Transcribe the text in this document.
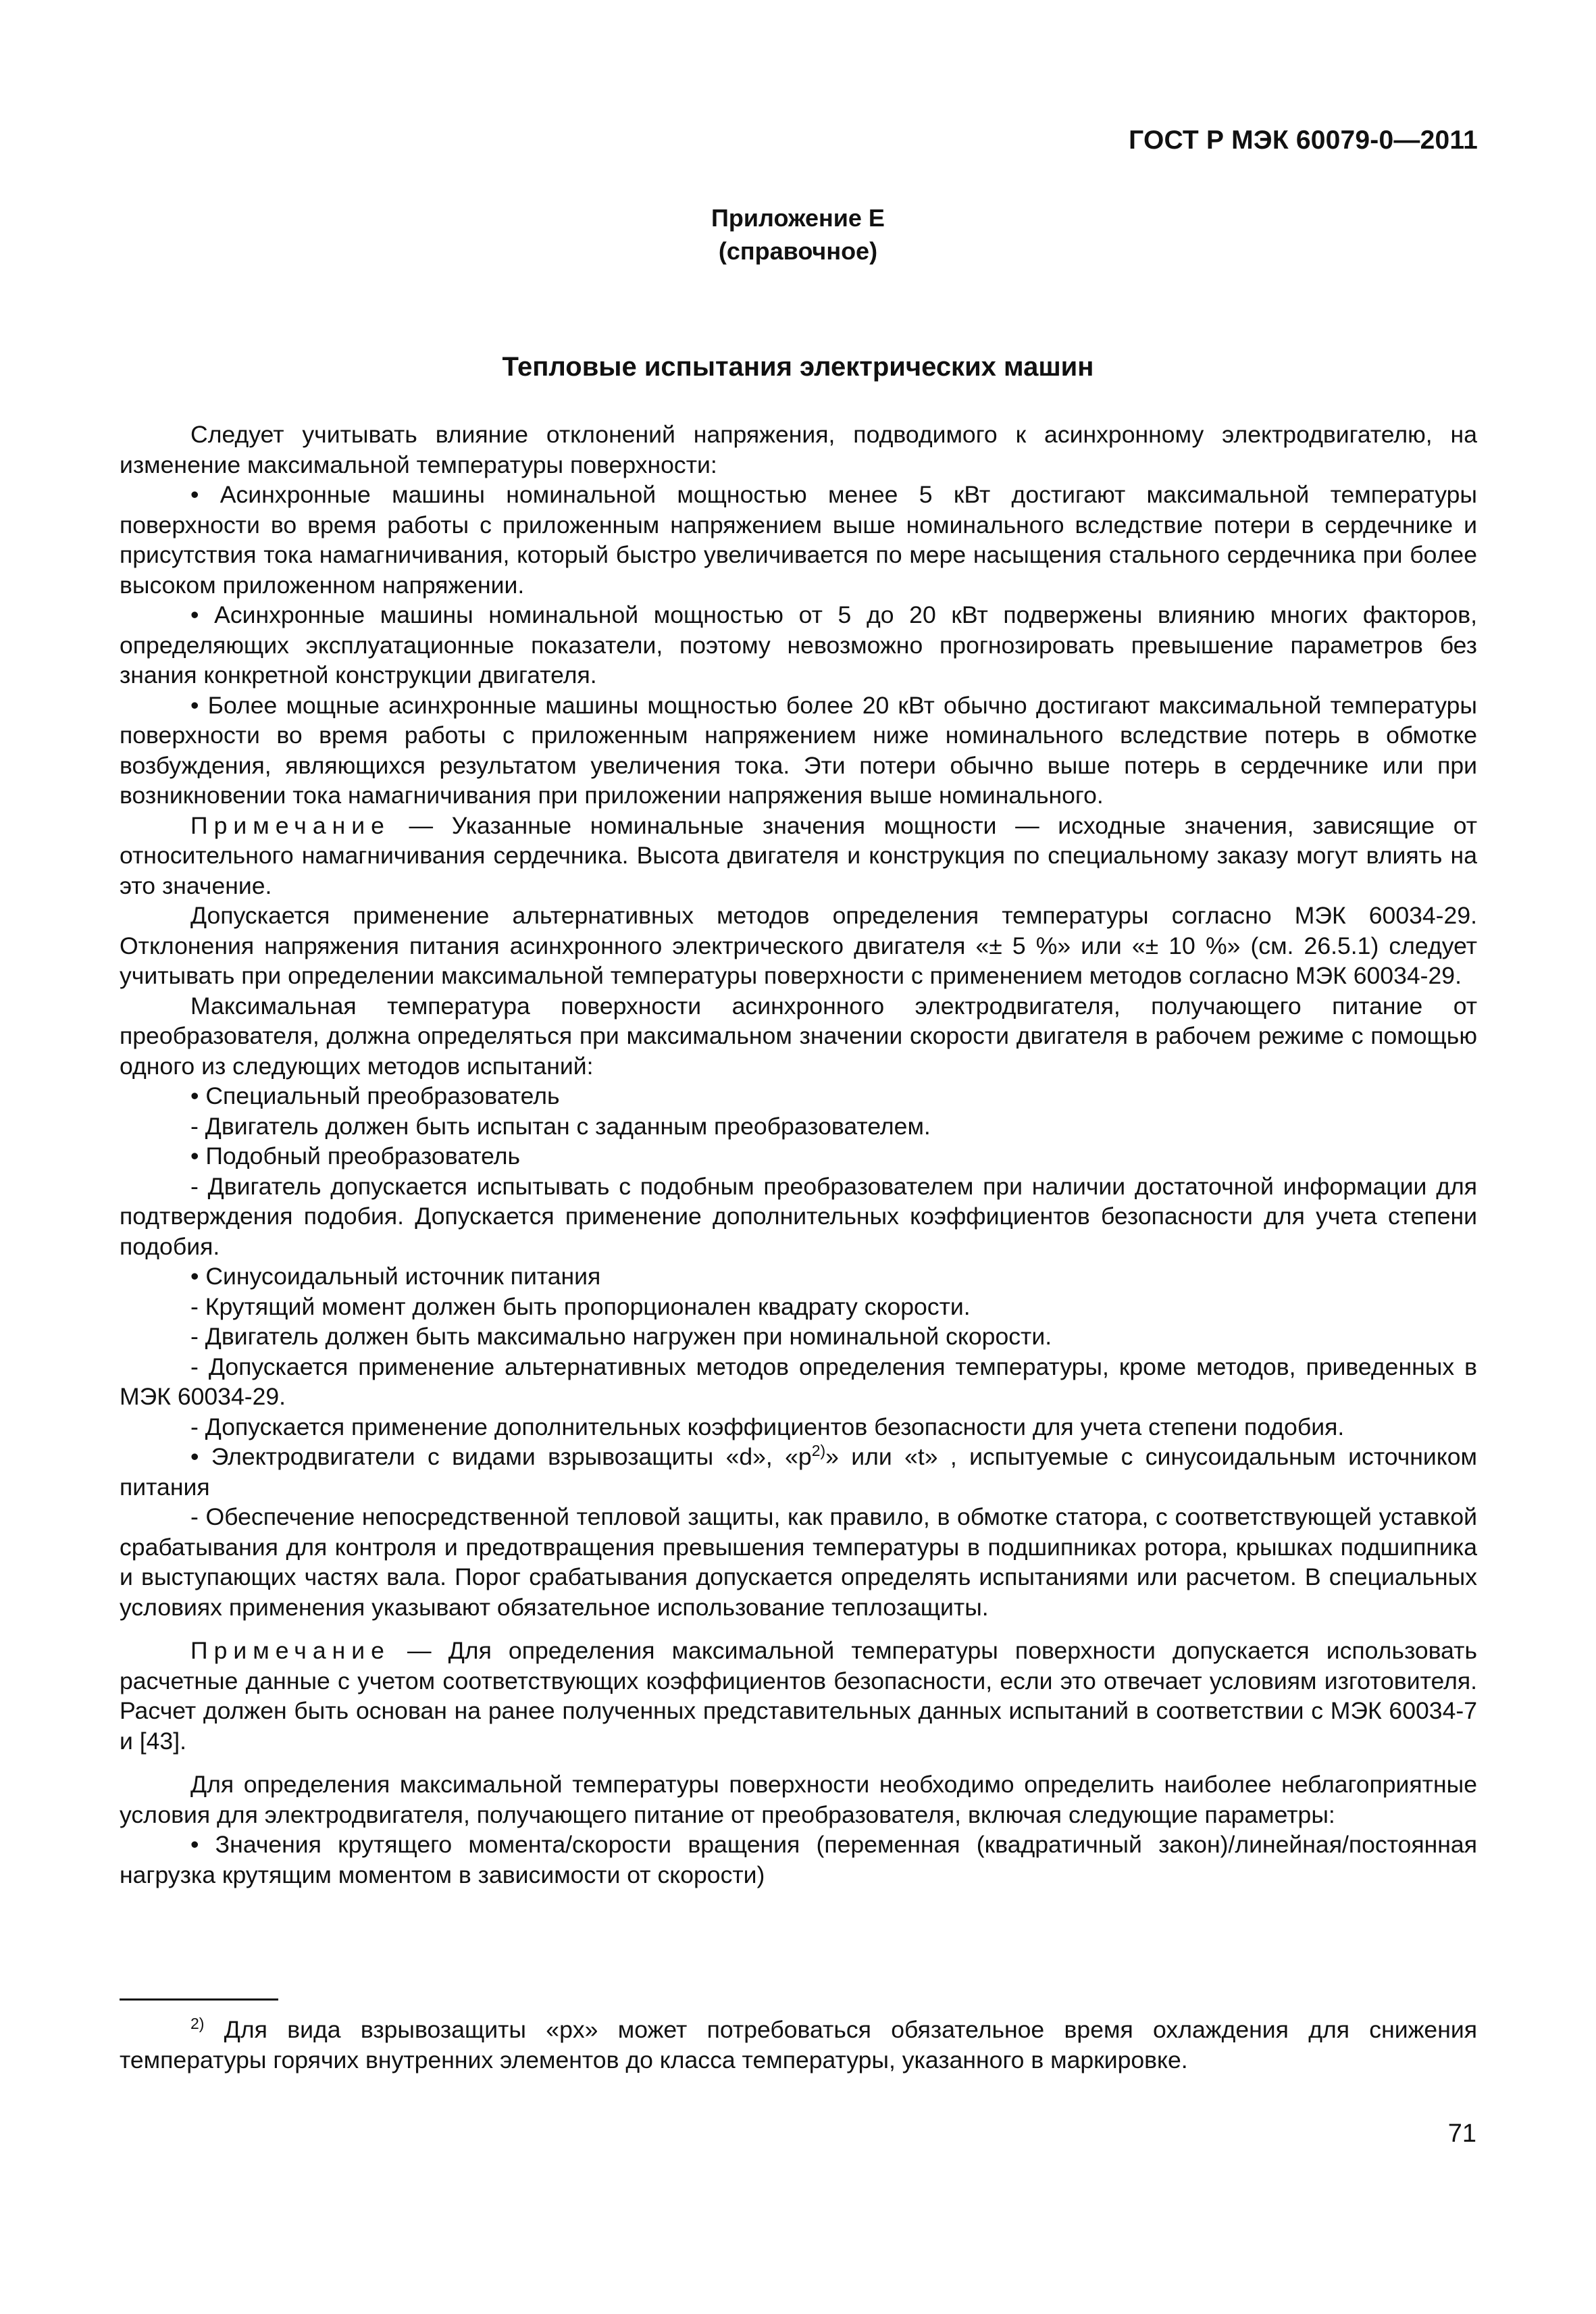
ГОСТ Р МЭК 60079-0—2011
Приложение Е
(справочное)
Тепловые испытания электрических машин

Следует учитывать влияние отклонений напряжения, подводимого к асинхронному электродвигателю, на изменение максимальной температуры поверхности:

• Асинхронные машины номинальной мощностью менее 5 кВт достигают максимальной температуры поверхности во время работы с приложенным напряжением выше номинального вследствие потери в сердечнике и присутствия тока намагничивания, который быстро увеличивается по мере насыщения стального сердечника при более высоком приложенном напряжении.

• Асинхронные машины номинальной мощностью от 5 до 20 кВт подвержены влиянию многих факторов, определяющих эксплуатационные показатели, поэтому невозможно прогнозировать превышение параметров без знания конкретной конструкции двигателя.

• Более мощные асинхронные машины мощностью более 20 кВт обычно достигают максимальной температуры поверхности во время работы с приложенным напряжением ниже номинального вследствие потерь в обмотке возбуждения, являющихся результатом увеличения тока. Эти потери обычно выше потерь в сердечнике или при возникновении тока намагничивания при приложении напряжения выше номинального.

Примечание — Указанные номинальные значения мощности — исходные значения, зависящие от относительного намагничивания сердечника. Высота двигателя и конструкция по специальному заказу могут влиять на это значение.

Допускается применение альтернативных методов определения температуры согласно МЭК 60034-29. Отклонения напряжения питания асинхронного электрического двигателя «± 5 %» или «± 10 %» (см. 26.5.1) следует учитывать при определении максимальной температуры поверхности с применением методов согласно МЭК 60034-29.

Максимальная температура поверхности асинхронного электродвигателя, получающего питание от преобразователя, должна определяться при максимальном значении скорости двигателя в рабочем режиме с помощью одного из следующих методов испытаний:

• Специальный преобразователь

- Двигатель должен быть испытан с заданным преобразователем.

• Подобный преобразователь

- Двигатель допускается испытывать с подобным преобразователем при наличии достаточной информации для подтверждения подобия. Допускается применение дополнительных коэффициентов безопасности для учета степени подобия.

• Синусоидальный источник питания

- Крутящий момент должен быть пропорционален квадрату скорости.

- Двигатель должен быть максимально нагружен при номинальной скорости.

- Допускается применение альтернативных методов определения температуры, кроме методов, приведенных в МЭК 60034-29.

- Допускается применение дополнительных коэффициентов безопасности для учета степени подобия.

• Электродвигатели с видами взрывозащиты «d», «$p^{2)}$» или «t» , испытуемые с синусоидальным источником питания

- Обеспечение непосредственной тепловой защиты, как правило, в обмотке статора, с соответствующей уставкой срабатывания для контроля и предотвращения превышения температуры в подшипниках ротора, крышках подшипника и выступающих частях вала. Порог срабатывания допускается определять испытаниями или расчетом. В специальных условиях применения указывают обязательное использование теплозащиты.

Примечание — Для определения максимальной температуры поверхности допускается использовать расчетные данные с учетом соответствующих коэффициентов безопасности, если это отвечает условиям изготовителя. Расчет должен быть основан на ранее полученных представительных данных испытаний в соответствии с МЭК 60034-7 и [43].

Для определения максимальной температуры поверхности необходимо определить наиболее неблагоприятные условия для электродвигателя, получающего питание от преобразователя, включая следующие параметры:

• Значения крутящего момента/скорости вращения (переменная (квадратичный закон)/линейная/постоянная нагрузка крутящим моментом в зависимости от скорости)

$^{2)}$ Для вида взрывозащиты «px» может потребоваться обязательное время охлаждения для снижения температуры горячих внутренних элементов до класса температуры, указанного в маркировке.
71
